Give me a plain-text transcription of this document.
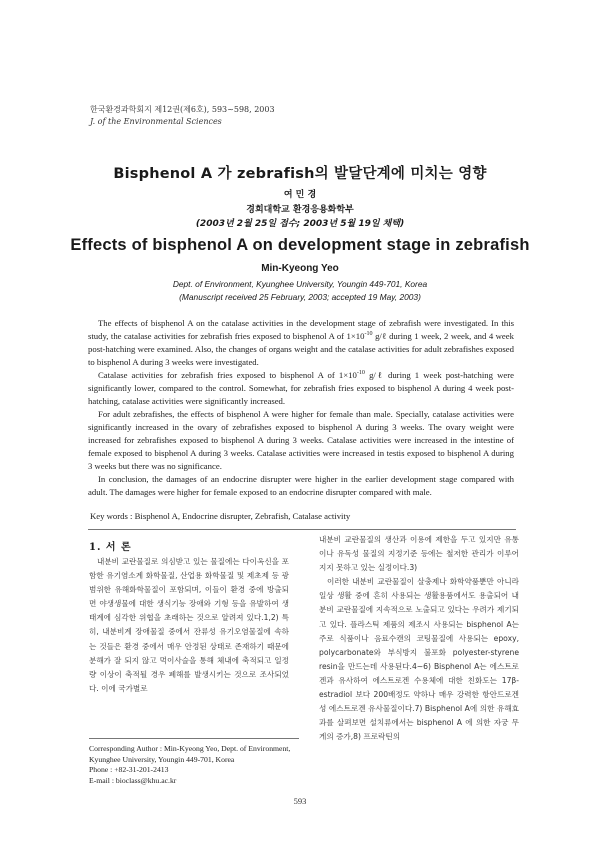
한국환경과학회지 제12권(제6호), 593~598, 2003
J. of the Environmental Sciences
Bisphenol A 가 zebrafish의 발달단계에 미치는 영향
여 민 경
경희대학교 환경응용화학부
(2003년 2월 25일 접수; 2003년 5월 19일 채택)
Effects of bisphenol A on development stage in zebrafish
Min-Kyeong Yeo
Dept. of Environment, Kyunghee University, Youngin 449-701, Korea
(Manuscript received 25 February, 2003; accepted 19 May, 2003)

The effects of bisphenol A on the catalase activities in the development stage of zebrafish were investigated. In this study, the catalase activities for zebrafish fries exposed to bisphenol A of $1\times 10^{-10}$ g/ℓ during 1 week, 2 week, and 4 week post-hatching were examined. Also, the changes of organs weight and the catalase activities for adult zebrafishes exposed to bisphenol A during 3 weeks were investigated.

Catalase activities for zebrafish fries exposed to bisphenol A of $1\times 10^{-10}$ g/ℓ during 1 week post-hatching were significantly lower, compared to the control. Somewhat, for zebrafish fries exposed to bisphenol A during 4 week post-hatching, catalase activities were significantly increased.

For adult zebrafishes, the effects of bisphenol A were higher for female than male. Specially, catalase activities were significantly increased in the ovary of zebrafishes exposed to bisphenol A during 3 weeks. The ovary weight were increased for zebrafishes exposed to bisphenol A during 3 weeks. Catalase activities were increased in the intestine of female exposed to bisphenol A during 3 weeks. Catalase activities were increased in testis exposed to bisphenol A during 3 weeks but there was no significance.

In conclusion, the damages of an endocrine disrupter were higher in the earlier development stage compared with adult. The damages were higher for female exposed to an endocrine disrupter compared with male.

Key words : Bisphenol A, Endocrine disrupter, Zebrafish, Catalase activity
1. 서 론

내분비 교란물질로 의심받고 있는 물질에는 다이옥신을 포함한 유기염소계 화학물질, 산업용 화학물질 및 제초제 등 광범위한 유해화학물질이 포함되며, 이들이 환경 중에 방출되면 야생생물에 대한 생식기능 장애와 기형 등을 유발하여 생태계에 심각한 위협을 초래하는 것으로 알려져 있다.1,2) 특히, 내분비계 장애물질 중에서 잔류성 유기오염물질에 속하는 것들은 환경 중에서 매우 안정된 상태로 존재하기 때문에 분해가 잘 되지 않고 먹이사슬을 통해 체내에 축적되고 일정량 이상이 축적될 경우 폐해를 발생시키는 것으로 조사되었다. 이에 국가별로

내분비 교란물질의 생산과 이용에 제한을 두고 있지만 유통이나 유독성 물질의 지정기준 등에는 철저한 관리가 이루어지지 못하고 있는 실정이다.3)

이러한 내분비 교란물질이 살충제나 화학약품뿐만 아니라 일상 생활 중에 흔히 사용되는 생활용품에서도 용출되어 내분비 교란물질에 지속적으로 노출되고 있다는 우려가 제기되고 있다. 플라스틱 제품의 제조시 사용되는 bisphenol A는 주로 식품이나 음료수캔의 코팅물질에 사용되는 epoxy, polycarbonate와 부식방지 불포화 polyester-styrene resin을 만드는데 사용된다.4~6) Bisphenol A는 에스트로겐과 유사하여 에스트로겐 수용체에 대한 친화도는 17β-estradiol 보다 200배정도 약하나 매우 강력한 항안드로겐성 에스트로겐 유사물질이다.7) Bisphenol A에 의한 유해효과를 살펴보면 설치류에서는 bisphenol A 에 의한 자궁 무게의 증가,8) 프로락틴의

Corresponding Author : Min-Kyeong Yeo, Dept. of Environment, Kyunghee University, Youngin 449-701, Korea
Phone : +82-31-201-2413
E-mail : bioclass@khu.ac.kr
593
